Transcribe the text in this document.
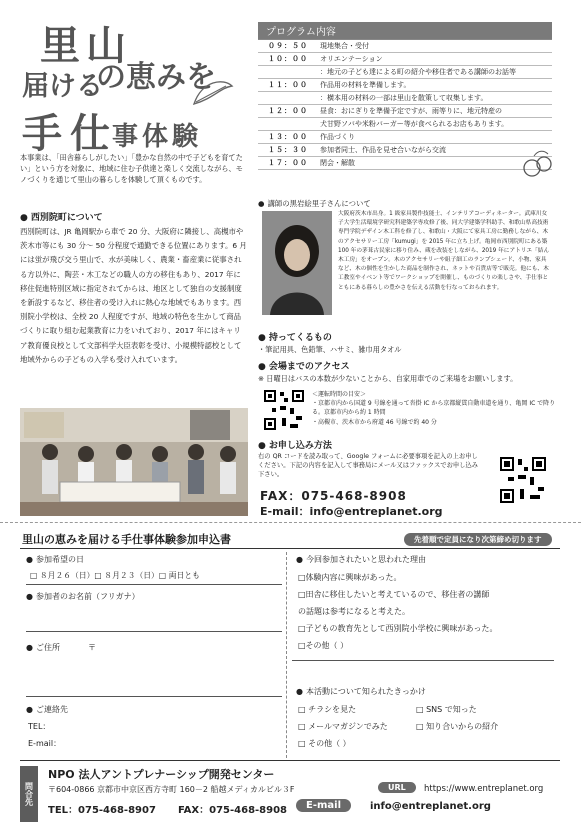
里山
届ける
の恵みを
手仕
事体験
本事業は、「田舎暮らしがしたい」「豊かな自然の中で子どもを育てたい」という方を対象に、地域に住む子供達と楽しく交流しながら、モノづくりを通じて里山の暮らしを体験して頂くものです。
● 西別院町について
西別院町は、JR 亀岡駅から車で 20 分、大阪府に隣接し、高槻市や茨木市等にも 30 分～ 50 分程度で通勤できる位置にあります。6 月には蛍が飛び交う里山で、水が美味しく、農業・畜産業に従事される方以外に、陶芸・木工などの職人の方の移住もあり、2017 年に移住促進特別区域に指定されてからは、地区として独自の支援制度を新設するなど、移住者の受け入れに熱心な地域でもあります。西別院小学校は、全校 20 人程度ですが、地域の特色を生かして商品づくりに取り組む起業教育に力をいれており、2017 年にはキャリア教育優良校として文部科学大臣表彰を受け、小規模特認校として地域外からの子どもの入学も受け入れています。
プログラム内容
０９：５０	現地集合・受付
１０：００	オリエンテーション
：地元の子ども達による町の紹介や移住者である講師のお話等
１１：００	作品用の材料を準備します。
：横本用の材料の一部は里山を散策して収集します。
１２：００	昼食：おにぎりを準備予定ですが、雨等りに、地元特産の
犬甘野ソバや米粉バーガー等が食べられるお店もあります。
１３：００	作品づくり
１５：３０	参加者同士、作品を見せ合いながら交流
１７：００	閉会・解散
● 講師の黒岩絵里子さんについて
大阪府茨木市出身。1 級家具製作技能士、インテリアコーディネーター。武庫川女子大学生活環境学研究科建築学専攻修了後、同大学建築学科助手、和歌山県高技術専門学院デザイン木工科を修了し、和歌山・大阪にて家具工房に勤務しながら、木のアクセサリー工房「kumugi」を 2015 年に立ち上げ。亀岡市西別院町にある築100 年の茅葺古民家に移り住み、蔵を改装をしながら、2019 年にアトリエ「結ん木工房」をオープン。木のアクセサリーや組子細工のランプシェード、小物、家具など、木の個性を生かした商品を制作され、ネットや百貨店等で販売。他にも、木工教室やイベント等でワークショップを開催し、ものづくりの楽しさや、手仕事とともにある暮らしの豊かさを伝える活動を行なっておられます。
● 持ってくるもの
・筆記用具、色鉛筆、ハサミ、雑巾用タオル
● 会場までのアクセス
※ 日曜日はバスの本数が少ないことから、自家用車でのご来場をお願いします。
＜運転時間の目安＞
・京都市内から国道 9 号線を通って沓掛 IC から京都縦貫自動車道を通り、亀岡 IC で降りる。京都市内から約 1 時間
・高槻市、茨木市から府道 46 号線で約 40 分
● お申し込み方法
右の QR コードを読み取って、Google フォームに必要事項を記入の上お申しください。下記の内容を記入して事務局にメール又はファックスでお申し込み下さい。
FAX：075-468-8908
E-mail：info@entreplanet.org
里山の恵みを届ける手仕事体験参加申込書	先着順で定員になり次第締め切ります
● 参加希望の日
□ ８月２６（日）□ ８月２３（日）□ 両日とも
● 参加者のお名前（フリガナ）
● ご住所	〒
● ご連絡先
TEL：
E-mail：
● 今回参加されたいと思われた理由
□体験内容に興味があった。
□田舎に移住したいと考えているので、移住者の講師
の話題は参考になると考えた。
□子どもの教育先として西別院小学校に興味があった。
□その他（ ）
● 本活動について知られたきっかけ
□ チラシを見た	□ SNS で知った
□ メールマガジンでみた	□ 知り合いからの紹介
□ その他（ ）
問合先
NPO 法人アントプレナーシップ開発センター
〒604-0866 京都市中京区西方寺町 160－2 船越メディカルビル３F	URL	https://www.entreplanet.org
TEL：075-468-8907 FAX：075-468-8908	E-mail	info@entreplanet.org
